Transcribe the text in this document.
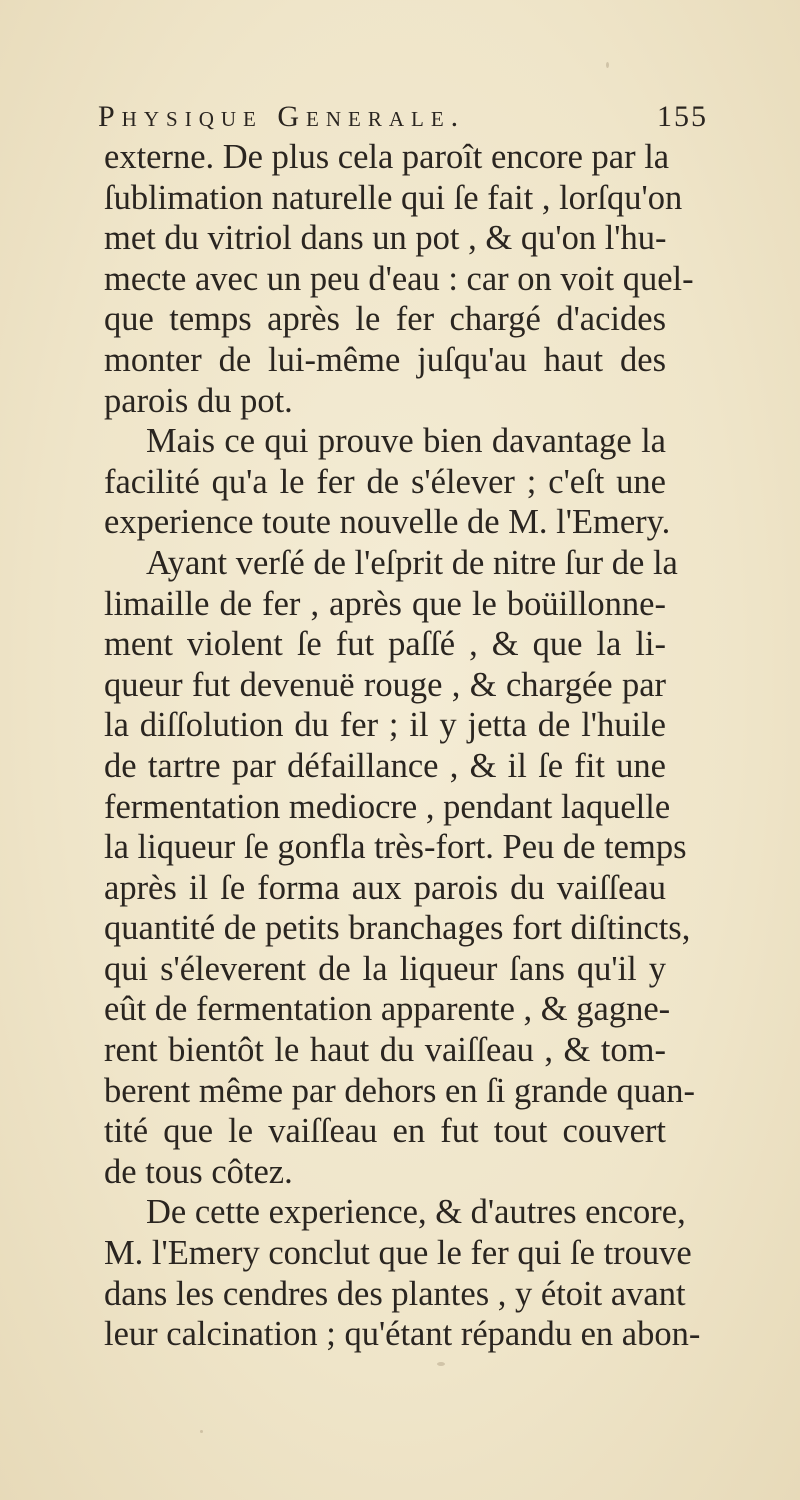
Physique Generale.	155
externe. De plus cela paroît encore par la
ſublimation naturelle qui ſe fait , lorſqu'on
met du vitriol dans un pot , & qu'on l'hu-
mecte avec un peu d'eau : car on voit quel-
que temps après le fer chargé d'acides
monter de lui-même juſqu'au haut des
parois du pot.
Mais ce qui prouve bien davantage la
facilité qu'a le fer de s'élever ; c'eſt une
experience toute nouvelle de M. l'Emery.
Ayant verſé de l'eſprit de nitre ſur de la
limaille de fer , après que le boüillonne-
ment violent ſe fut paſſé , & que la li-
queur fut devenuë rouge , & chargée par
la diſſolution du fer ; il y jetta de l'huile
de tartre par défaillance , & il ſe fit une
fermentation mediocre , pendant laquelle
la liqueur ſe gonfla très-fort. Peu de temps
après il ſe forma aux parois du vaiſſeau
quantité de petits branchages fort diſtincts,
qui s'éleverent de la liqueur ſans qu'il y
eût de fermentation apparente , & gagne-
rent bientôt le haut du vaiſſeau , & tom-
berent même par dehors en ſi grande quan-
tité que le vaiſſeau en fut tout couvert
de tous côtez.
De cette experience, & d'autres encore,
M. l'Emery conclut que le fer qui ſe trouve
dans les cendres des plantes , y étoit avant
leur calcination ; qu'étant répandu en abon-
